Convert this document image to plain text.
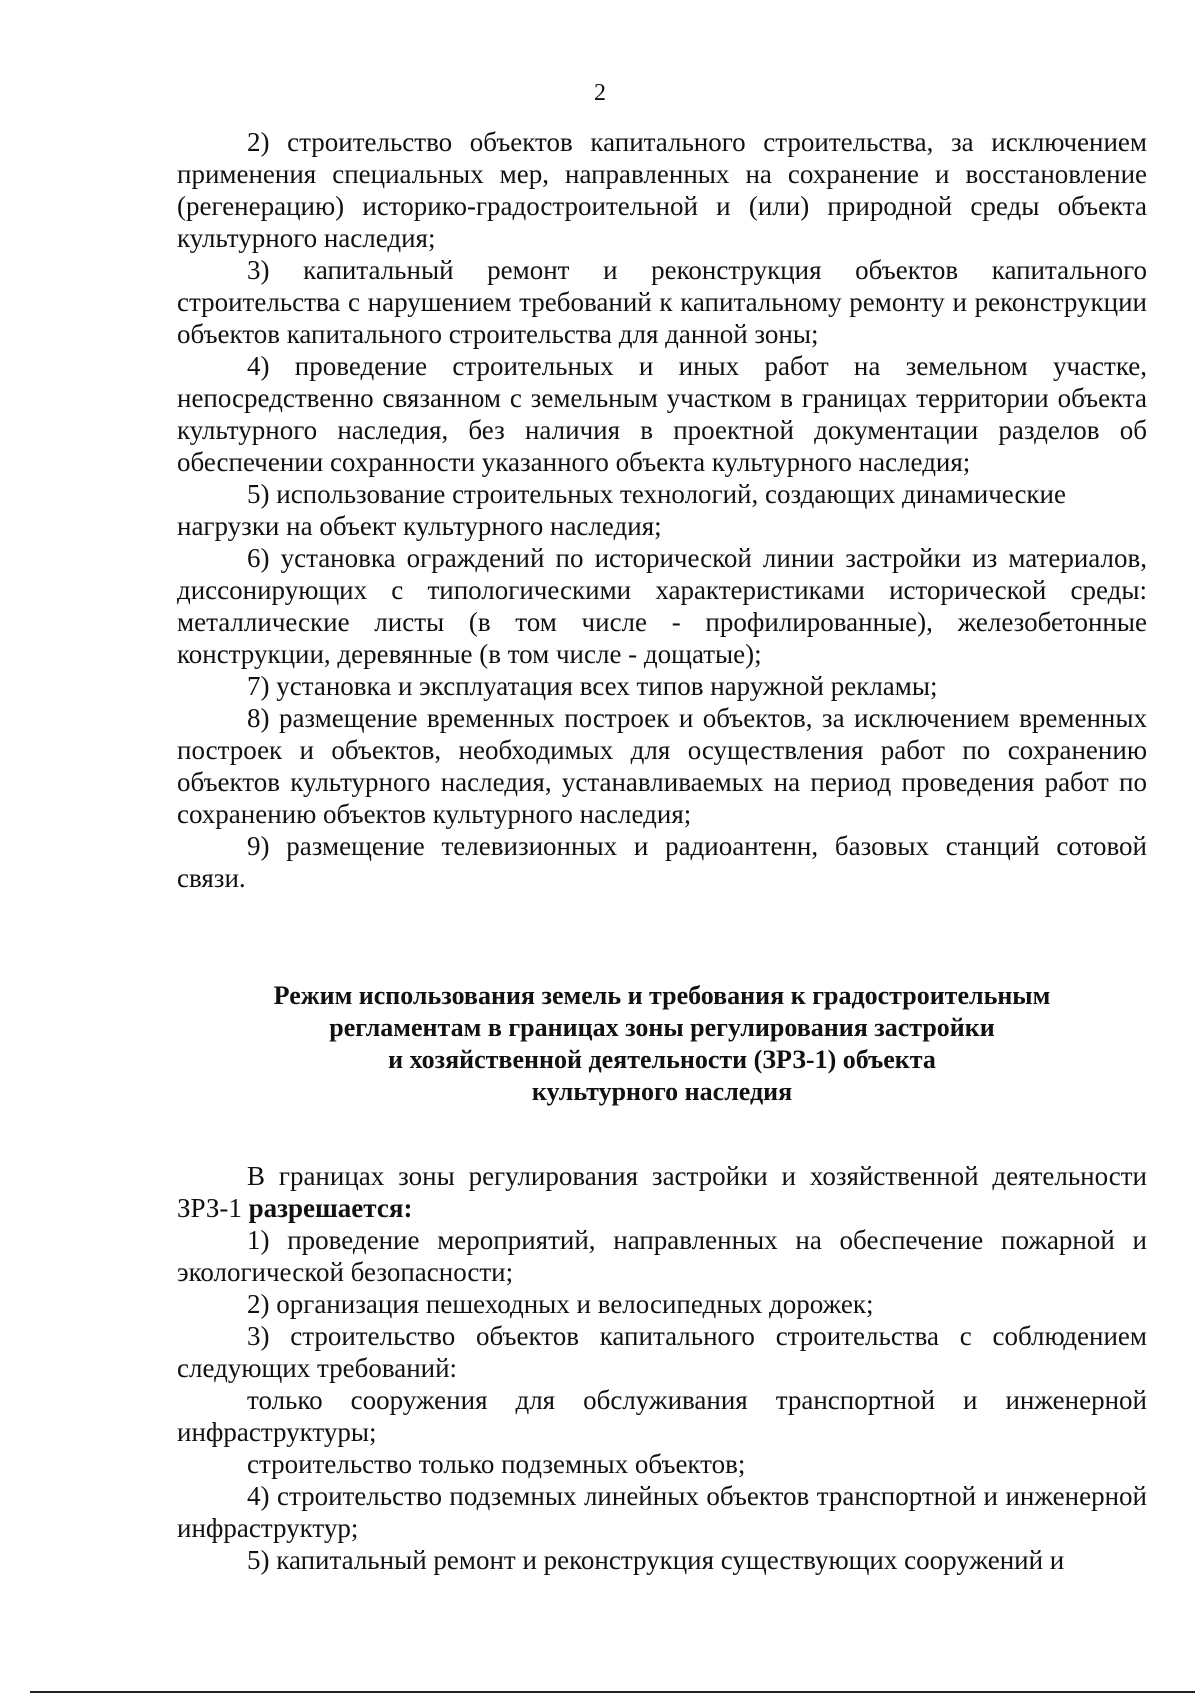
2

2) строительство объектов капитального строительства, за исключением применения специальных мер, направленных на сохранение и восстановление (регенерацию) историко-градостроительной и (или) природной среды объекта культурного наследия;

3) капитальный ремонт и реконструкция объектов капитального строительства с нарушением требований к капитальному ремонту и реконструкции объектов капитального строительства для данной зоны;

4) проведение строительных и иных работ на земельном участке, непосредственно связанном с земельным участком в границах территории объекта культурного наследия, без наличия в проектной документации разделов об обеспечении сохранности указанного объекта культурного наследия;

5) использование строительных технологий, создающих динамические нагрузки на объект культурного наследия;

6) установка ограждений по исторической линии застройки из материалов, диссонирующих с типологическими характеристиками исторической среды: металлические листы (в том числе - профилированные), железобетонные конструкции, деревянные (в том числе - дощатые);

7) установка и эксплуатация всех типов наружной рекламы;

8) размещение временных построек и объектов, за исключением временных построек и объектов, необходимых для осуществления работ по сохранению объектов культурного наследия, устанавливаемых на период проведения работ по сохранению объектов культурного наследия;

9) размещение телевизионных и радиоантенн, базовых станций сотовой связи.

Режим использования земель и требования к градостроительным
регламентам в границах зоны регулирования застройки
и хозяйственной деятельности (ЗРЗ-1) объекта
культурного наследия

В границах зоны регулирования застройки и хозяйственной деятельности ЗРЗ-1 разрешается:

1) проведение мероприятий, направленных на обеспечение пожарной и экологической безопасности;

2) организация пешеходных и велосипедных дорожек;

3) строительство объектов капитального строительства с соблюдением следующих требований:

только сооружения для обслуживания транспортной и инженерной инфраструктуры;

строительство только подземных объектов;

4) строительство подземных линейных объектов транспортной и инженерной инфраструктур;

5) капитальный ремонт и реконструкция существующих сооружений и
